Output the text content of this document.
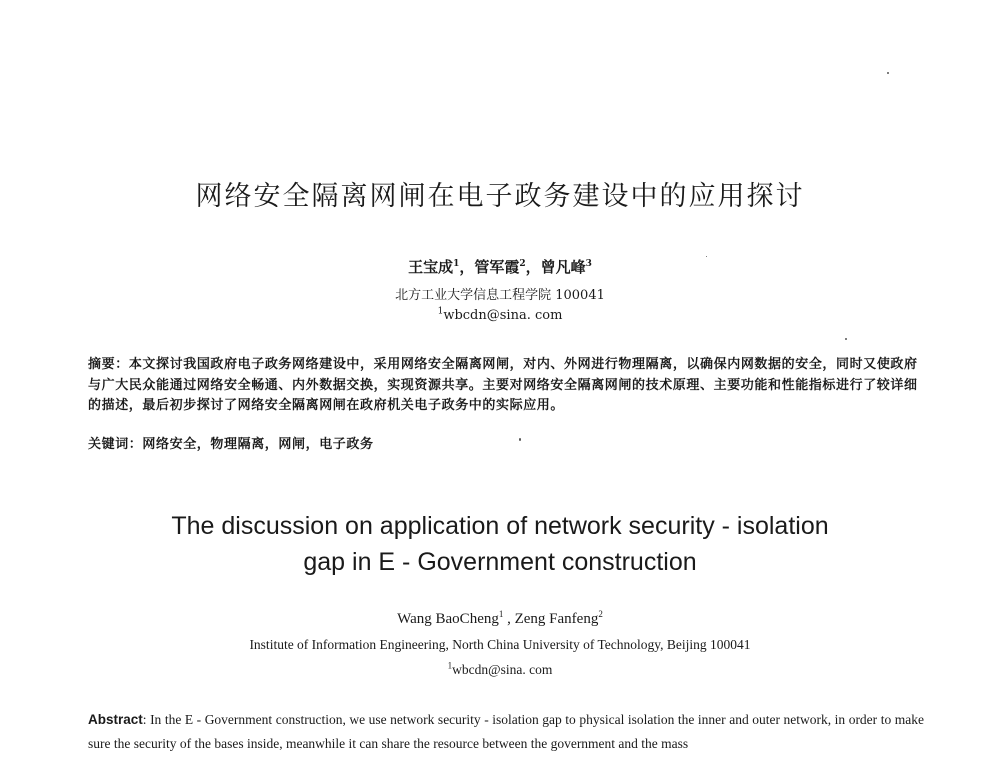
网络安全隔离网闸在电子政务建设中的应用探讨
王宝成$^1$，管军霞$^2$，曾凡峰$^3$
北方工业大学信息工程学院 100041
$^1$wbcdn@sina. com
摘要：本文探讨我国政府电子政务网络建设中，采用网络安全隔离网闸，对内、外网进行物理隔离，以确保内网数据的安全，同时又使政府与广大民众能通过网络安全畅通、内外数据交换，实现资源共享。主要对网络安全隔离网闸的技术原理、主要功能和性能指标进行了较详细的描述，最后初步探讨了网络安全隔离网闸在政府机关电子政务中的实际应用。
关键词：网络安全，物理隔离，网闸，电子政务
The discussion on application of network security - isolation
gap in E - Government construction
Wang BaoCheng$^1$ , Zeng Fanfeng$^2$
Institute of Information Engineering, North China University of Technology, Beijing 100041
$^1$wbcdn@sina. com
Abstract: In the E - Government construction, we use network security - isolation gap to physical isolation the inner and outer network, in order to make sure the security of the bases inside, meanwhile it can share the resource between the government and the mass
